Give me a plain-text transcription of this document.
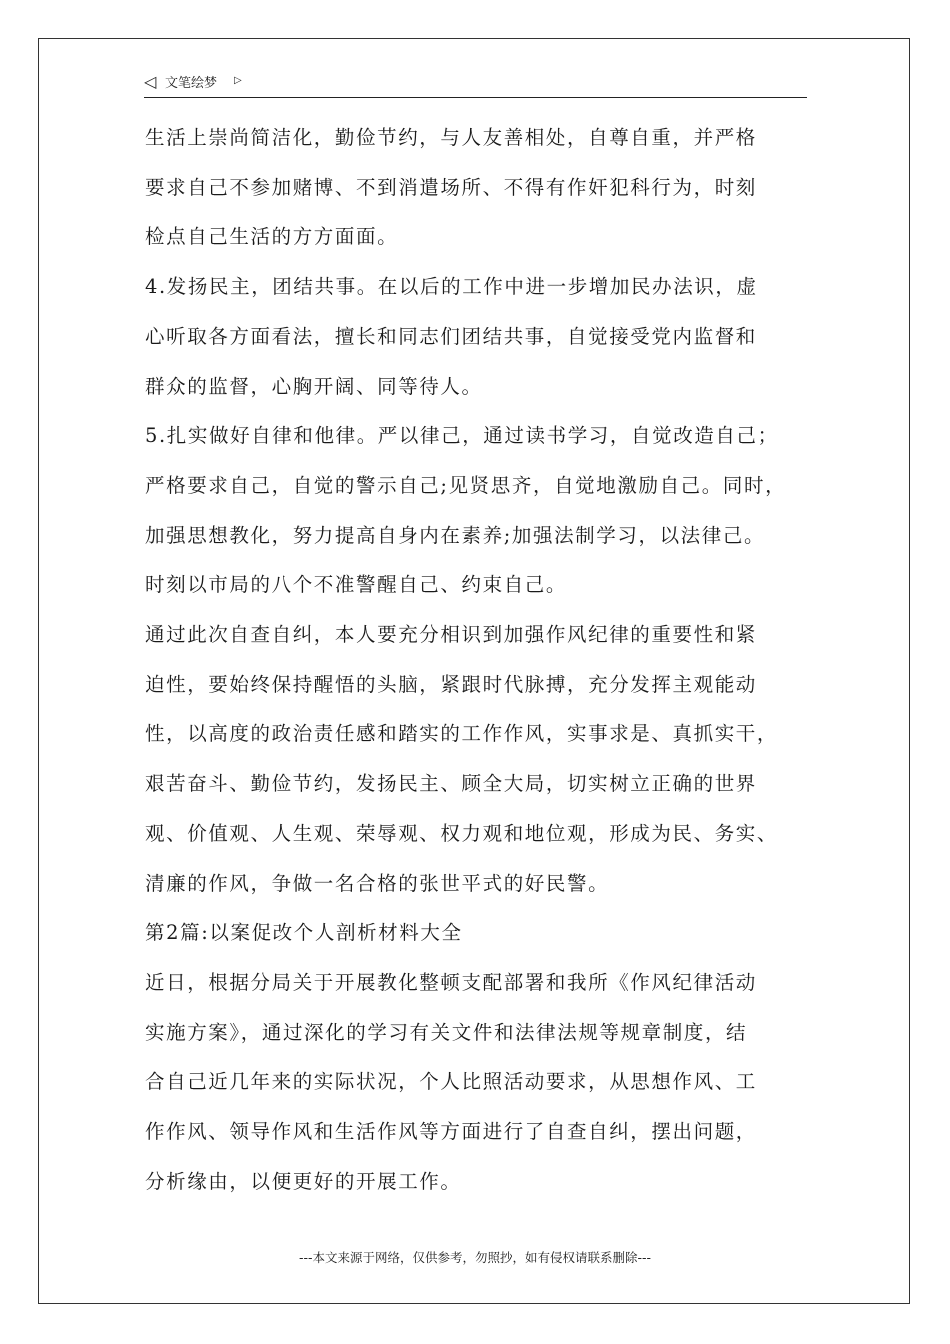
◁ 文笔绘梦 ▷
生活上崇尚简洁化，勤俭节约，与人友善相处，自尊自重，并严格
要求自己不参加赌博、不到消遣场所、不得有作奸犯科行为，时刻
检点自己生活的方方面面。
4.发扬民主，团结共事。在以后的工作中进一步增加民办法识，虚
心听取各方面看法，擅长和同志们团结共事，自觉接受党内监督和
群众的监督，心胸开阔、同等待人。
5.扎实做好自律和他律。严以律己，通过读书学习，自觉改造自己；
严格要求自己，自觉的警示自己;见贤思齐，自觉地激励自己。同时，
加强思想教化，努力提高自身内在素养;加强法制学习，以法律己。
时刻以市局的八个不准警醒自己、约束自己。
通过此次自查自纠，本人要充分相识到加强作风纪律的重要性和紧
迫性，要始终保持醒悟的头脑，紧跟时代脉搏，充分发挥主观能动
性，以高度的政治责任感和踏实的工作作风，实事求是、真抓实干，
艰苦奋斗、勤俭节约，发扬民主、顾全大局，切实树立正确的世界
观、价值观、人生观、荣辱观、权力观和地位观，形成为民、务实、
清廉的作风，争做一名合格的张世平式的好民警。
第2篇:以案促改个人剖析材料大全
近日，根据分局关于开展教化整顿支配部署和我所《作风纪律活动
实施方案》，通过深化的学习有关文件和法律法规等规章制度，结
合自己近几年来的实际状况，个人比照活动要求，从思想作风、工
作作风、领导作风和生活作风等方面进行了自查自纠，摆出问题，
分析缘由，以便更好的开展工作。
---本文来源于网络，仅供参考，勿照抄，如有侵权请联系删除---
